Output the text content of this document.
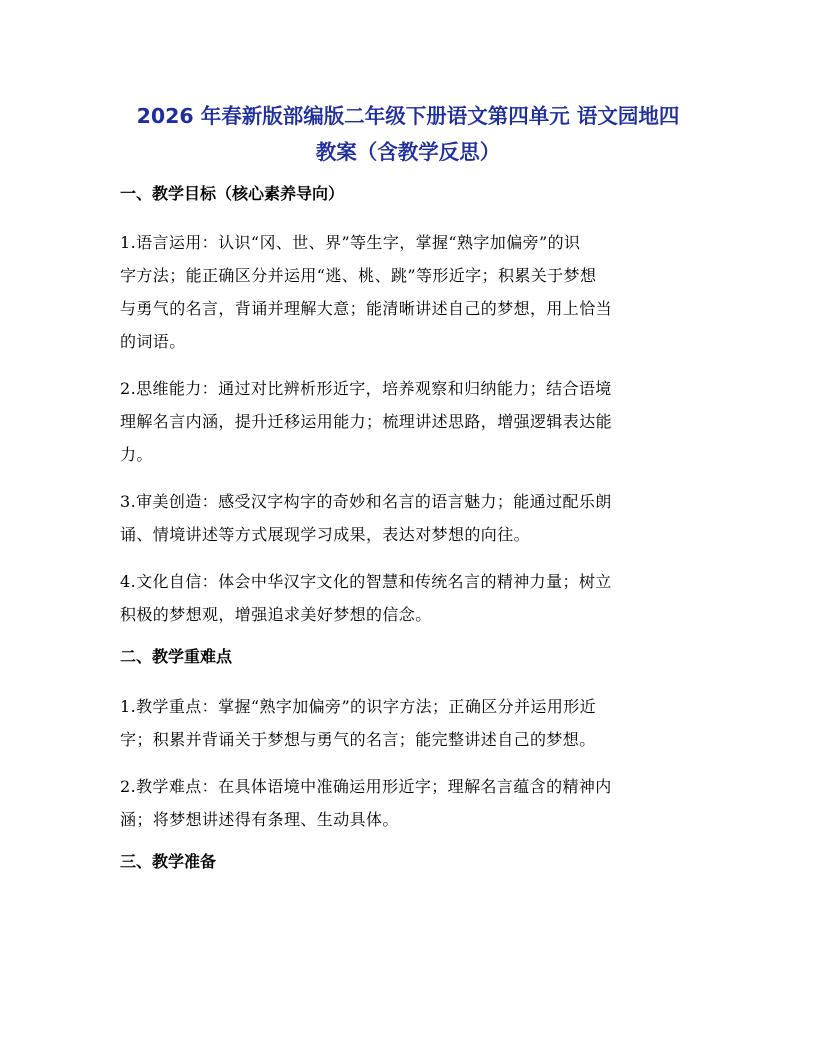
2026 年春新版部编版二年级下册语文第四单元 语文园地四
教案（含教学反思）

一、教学目标（核心素养导向）

1.语言运用：认识“冈、世、界”等生字，掌握“熟字加偏旁”的识
字方法；能正确区分并运用“逃、桃、跳”等形近字；积累关于梦想
与勇气的名言，背诵并理解大意；能清晰讲述自己的梦想，用上恰当
的词语。
2.思维能力：通过对比辨析形近字，培养观察和归纳能力；结合语境
理解名言内涵，提升迁移运用能力；梳理讲述思路，增强逻辑表达能
力。
3.审美创造：感受汉字构字的奇妙和名言的语言魅力；能通过配乐朗
诵、情境讲述等方式展现学习成果，表达对梦想的向往。
4.文化自信：体会中华汉字文化的智慧和传统名言的精神力量；树立
积极的梦想观，增强追求美好梦想的信念。

二、教学重难点

1.教学重点：掌握“熟字加偏旁”的识字方法；正确区分并运用形近
字；积累并背诵关于梦想与勇气的名言；能完整讲述自己的梦想。
2.教学难点：在具体语境中准确运用形近字；理解名言蕴含的精神内
涵；将梦想讲述得有条理、生动具体。

三、教学准备
